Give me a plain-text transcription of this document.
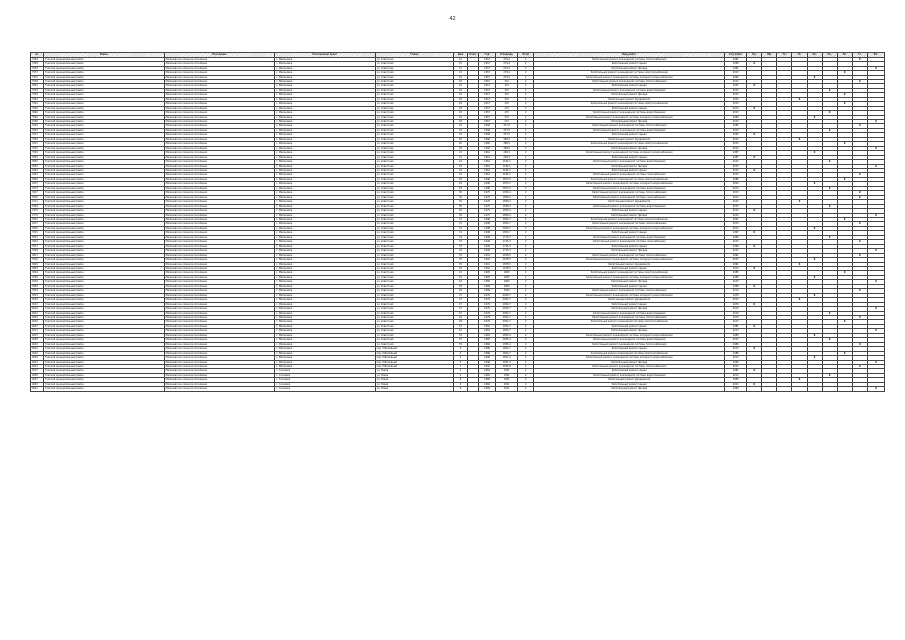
42
№	Район	Поселение	Населенный пункт	Улица	Дом	Корп.	Год	Площадь	Этаж	Вид работ	Год работ	Кр.	Лф.	Тп.	Гв.	Хв.	Кн.	Эл.	Гз.	Фс.
7564	Томский муниципальный район	Малиновское сельское поселение	с. Малиновка	ул. Советская	15		1957	279,2	2	Капитальный ремонт инженерной системы теплоснабжения	1961								X	
7564	Томский муниципальный район	Малиновское сельское поселение	с. Малиновка	ул. Советская	15		1957	279,2	2	Капитальный ремонт крыши	1958	X								
7554	Томский муниципальный район	Малиновское сельское поселение	с. Малиновка	ул. Советская	15		1957	279,2	2	Капитальный ремонт фасада	1961									X
7537	Томский муниципальный район	Малиновское сельское поселение	с. Малиновка	ул. Советская	15		1957	279,2	2	Капитальный ремонт инженерной системы электроснабжения	2013							X		
7524	Томский муниципальный район	Малиновское сельское поселение	с. Малиновка	ул. Советская	16		1957	279,2	2	Капитальный ремонт инженерной системы холодного водоснабжения	1962					X				
7528	Томский муниципальный район	Малиновское сельское поселение	с. Малиновка	ул. Советская	16		1957	312	2	Капитальный ремонт инженерной системы теплоснабжения	2013								X	
3642	Томский муниципальный район	Малиновское сельское поселение	с. Малиновка	ул. Советская	16		1957	312	2	Капитальный ремонт крыши	1957	X								
7533	Томский муниципальный район	Малиновское сельское поселение	с. Малиновка	ул. Советская	16		1957	312	2	Капитальный ремонт инженерной системы водоотведения	2013						X			
7540	Томский муниципальный район	Малиновское сельское поселение	с. Малиновка	ул. Советская	16		1957	312	2	Капитальный ремонт фасада	2013							X		
7542	Томский муниципальный район	Малиновское сельское поселение	с. Малиновка	ул. Советская	16		1957	312	2	Капитальный ремонт фундамента	1972				X					
7561	Томский муниципальный район	Малиновское сельское поселение	с. Малиновка	ул. Советская	18		1957	272	2	Капитальный ремонт инженерной системы электроснабжения	2013							X		
7562	Томский муниципальный район	Малиновское сельское поселение	с. Малиновка	ул. Советская	18		1957	272	2	Капитальный ремонт крыши	2013	X								
3646	Томский муниципальный район	Малиновское сельское поселение	с. Малиновка	ул. Советская	18		1957	272	2	Капитальный ремонт инженерной системы водоотведения	2013						X			
7564	Томский муниципальный район	Малиновское сельское поселение	с. Малиновка	ул. Советская	18		1957	272	2	Капитальный ремонт инженерной системы холодного водоснабжения	1984					X				
2560	Томский муниципальный район	Малиновское сельское поселение	с. Малиновка	ул. Советская	18		1957	272	2	Капитальный ремонт фасада	2013									X
7622	Томский муниципальный район	Малиновское сельское поселение	с. Малиновка	ул. Советская	19		1958	337,5	2	Капитальный ремонт инженерной системы теплоснабжения	1985								X	
7622	Томский муниципальный район	Малиновское сельское поселение	с. Малиновка	ул. Советская	19		1958	337,5	2	Капитальный ремонт инженерной системы водоотведения	2013						X			
7627	Томский муниципальный район	Малиновское сельское поселение	с. Малиновка	ул. Советская	19		1958	337,5	2	Капитальный ремонт крыши	1962	X								
7594	Томский муниципальный район	Малиновское сельское поселение	с. Малиновка	ул. Советская	20		1960	386,5	2	Капитальный ремонт фундамента	2013				X					
7621	Томский муниципальный район	Малиновское сельское поселение	с. Малиновка	ул. Советская	20		1960	386,5	2	Капитальный ремонт инженерной системы электроснабжения	2013							X		
7591	Томский муниципальный район	Малиновское сельское поселение	с. Малиновка	ул. Советская	20		1960	386,5	2	Капитальный ремонт фасада	2013									X
7503	Томский муниципальный район	Малиновское сельское поселение	с. Малиновка	ул. Советская	21		1961	296,3	2	Капитальный ремонт инженерной системы холодного водоснабжения	1987					X				
3603	Томский муниципальный район	Малиновское сельское поселение	с. Малиновка	ул. Советская	21		1961	296,3	2	Капитальный ремонт крыши	1987	X								
3667	Томский муниципальный район	Малиновское сельское поселение	с. Малиновка	ул. Советская	22		1961	1182,1	2	Капитальный ремонт инженерной системы водоотведения	2013						X			
3654	Томский муниципальный район	Малиновское сельское поселение	с. Малиновка	ул. Советская	22		1961	1182,1	2	Капитальный ремонт фасада	2013									X
2961	Томский муниципальный район	Малиновское сельское поселение	с. Малиновка	ул. Советская	24		1961	1182,1	2	Капитальный ремонт крыши	2013	X								
3961	Томский муниципальный район	Малиновское сельское поселение	с. Малиновка	ул. Советская	24		1961	1182,1	2	Капитальный ремонт инженерной системы газоснабжения	2013								X	
3692	Томский муниципальный район	Малиновское сельское поселение	с. Малиновка	ул. Советская	29		1996	1873,3	2	Капитальный ремонт инженерной системы электроснабжения	1986							X		
2972	Томский муниципальный район	Малиновское сельское поселение	с. Малиновка	ул. Советская	29		1996	1873,3	2	Капитальный ремонт инженерной системы холодного водоснабжения	2004					X				
3273	Томский муниципальный район	Малиновское сельское поселение	с. Малиновка	ул. Советская	29		1996	1873,3	2	Капитальный ремонт инженерной системы водоотведения	2013						X			
7617	Томский муниципальный район	Малиновское сельское поселение	с. Малиновка	ул. Советская	30		1975	1830,4	2	Капитальный ремонт инженерной системы теплоснабжения	2013								X	
3616	Томский муниципальный район	Малиновское сельское поселение	с. Малиновка	ул. Советская	30		1975	1830,4	2	Капитальный ремонт инженерной системы газоснабжения	2013								X	
2711	Томский муниципальный район	Малиновское сельское поселение	с. Малиновка	ул. Советская	30		1975	1830,4	2	Капитальный ремонт фундамента	2013				X					
3494	Томский муниципальный район	Малиновское сельское поселение	с. Малиновка	ул. Советская	30		1975	1830,4	2	Капитальный ремонт инженерной системы водоотведения	2013						X			
3479	Томский муниципальный район	Малиновское сельское поселение	с. Малиновка	ул. Советская	30		1975	1830,4	2	Капитальный ремонт крыши	2013	X								
2779	Томский муниципальный район	Малиновское сельское поселение	с. Малиновка	ул. Советская	30		1975	1830,4	2	Капитальный ремонт фасада	2013									X
3697	Томский муниципальный район	Малиновское сельское поселение	с. Малиновка	ул. Советская	31		1998	1834,7	2	Капитальный ремонт инженерной системы электроснабжения	1997							X		
2917	Томский муниципальный район	Малиновское сельское поселение	с. Малиновка	ул. Советская	31		1998	1834,7	2	Капитальный ремонт инженерной системы теплоснабжения	2013								X	
3925	Томский муниципальный район	Малиновское сельское поселение	с. Малиновка	ул. Советская	31		1998	1834,7	2	Капитальный ремонт инженерной системы холодного водоснабжения	2013					X				
7615	Томский муниципальный район	Малиновское сельское поселение	с. Малиновка	ул. Советская	31		1998	1834,7	2	Капитальный ремонт крыши	1997	X								
3623	Томский муниципальный район	Малиновское сельское поселение	с. Малиновка	ул. Советская	33		1990	1715,3	2	Капитальный ремонт инженерной системы водоотведения	1990						X			
3924	Томский муниципальный район	Малиновское сельское поселение	с. Малиновка	ул. Советская	33		1990	1715,3	2	Капитальный ремонт инженерной системы газоснабжения	2013								X	
7617	Томский муниципальный район	Малиновское сельское поселение	с. Малиновка	ул. Советская	33		1990	1715,3	2	Капитальный ремонт крыши	1990	X								
3609	Томский муниципальный район	Малиновское сельское поселение	с. Малиновка	ул. Советская	33		1990	1715,3	2	Капитальный ремонт фасада	2013									X
3611	Томский муниципальный район	Малиновское сельское поселение	с. Малиновка	ул. Советская	35		1991	1678,5	2	Капитальный ремонт инженерной системы теплоснабжения	1991								X	
7610	Томский муниципальный район	Малиновское сельское поселение	с. Малиновка	ул. Советская	35		1991	1678,5	2	Капитальный ремонт инженерной системы холодного водоснабжения	2013					X				
3604	Томский муниципальный район	Малиновское сельское поселение	с. Малиновка	ул. Советская	35		1991	1678,5	2	Капитальный ремонт фундамента	1991				X					
3653	Томский муниципальный район	Малиновское сельское поселение	с. Малиновка	ул. Советская	35		1991	1678,5	2	Капитальный ремонт крыши	2013	X								
3694	Томский муниципальный район	Малиновское сельское поселение	с. Малиновка	ул. Советская	41		1985	1605	2	Капитальный ремонт инженерной системы электроснабжения	1985							X		
2569	Томский муниципальный район	Малиновское сельское поселение	с. Малиновка	ул. Советская	43		1985	1605	2	Капитальный ремонт инженерной системы холодного водоснабжения	1985					X				
2593	Томский муниципальный район	Малиновское сельское поселение	с. Малиновка	ул. Советская	43		1985	1605	2	Капитальный ремонт фасада	2013									X
3950	Томский муниципальный район	Малиновское сельское поселение	с. Малиновка	ул. Советская	45		1989	1664	2	Капитальный ремонт крыши	1989	X								
3054	Томский муниципальный район	Малиновское сельское поселение	с. Малиновка	ул. Советская	45		1989	1664	2	Капитальный ремонт инженерной системы теплоснабжения	2013								X	
3014	Томский муниципальный район	Малиновское сельское поселение	с. Малиновка	ул. Советская	47		1976	2052,7	2	Капитальный ремонт инженерной системы холодного водоснабжения	1976					X				
3010	Томский муниципальный район	Малиновское сельское поселение	с. Малиновка	ул. Советская	47		1976	2052,7	2	Капитальный ремонт фундамента	2013				X					
3013	Томский муниципальный район	Малиновское сельское поселение	с. Малиновка	ул. Советская	47		1976	2052,7	2	Капитальный ремонт крыши	1976	X								
4016	Томский муниципальный район	Малиновское сельское поселение	с. Малиновка	ул. Советская	47		1976	2052,7	2	Капитальный ремонт фасада	2013									X
4013	Томский муниципальный район	Малиновское сельское поселение	с. Малиновка	ул. Советская	47		1976	2052,7	2	Капитальный ремонт инженерной системы водоотведения	2013						X			
4053	Томский муниципальный район	Малиновское сельское поселение	с. Малиновка	ул. Советская	49		1979	2052,7	2	Капитальный ремонт инженерной системы теплоснабжения	1979								X	
4016	Томский муниципальный район	Малиновское сельское поселение	с. Малиновка	ул. Советская	49		1979	2052,7	2	Капитальный ремонт инженерной системы электроснабжения	2013							X		
4047	Томский муниципальный район	Малиновское сельское поселение	с. Малиновка	ул. Советская	51		1981	1654,7	2	Капитальный ремонт крыши	1981	X								
4017	Томский муниципальный район	Малиновское сельское поселение	с. Малиновка	ул. Советская	51		1981	1654,7	2	Капитальный ремонт фасада	2013									X
4015	Томский муниципальный район	Малиновское сельское поселение	с. Малиновка	ул. Советская	53		1983	1835,4	2	Капитальный ремонт инженерной системы холодного водоснабжения	1983					X				
4058	Томский муниципальный район	Малиновское сельское поселение	с. Малиновка	ул. Советская	53		1983	1835,4	2	Капитальный ремонт инженерной системы водоотведения	2013						X			
4019	Томский муниципальный район	Малиновское сельское поселение	с. Малиновка	ул. Советская	55		1984	1835,4	2	Капитальный ремонт инженерной системы теплоснабжения	1984								X	
4016	Томский муниципальный район	Малиновское сельское поселение	с. Малиновка	пер. Юбилейный	3		1986	1604,7	2	Капитальный ремонт крыши	2013	X								
4020	Томский муниципальный район	Малиновское сельское поселение	с. Малиновка	пер. Юбилейный	3		1986	1604,7	2	Капитальный ремонт инженерной системы электроснабжения	1986							X		
4029	Томский муниципальный район	Малиновское сельское поселение	с. Малиновка	пер. Юбилейный	5		1990	1631,4	2	Капитальный ремонт инженерной системы холодного водоснабжения	2013					X				
4023	Томский муниципальный район	Малиновское сельское поселение	с. Малиновка	пер. Юбилейный	5		1990	1631,4	2	Капитальный ремонт фасада	1990									X
4021	Томский муниципальный район	Малиновское сельское поселение	с. Малиновка	пер. Юбилейный	7		1991	1635,8	2	Капитальный ремонт инженерной системы теплоснабжения	2013								X	
4037	Томский муниципальный район	Малиновское сельское поселение	с. Сосновка	ул. Новая	4		1981	1501	2	Капитальный ремонт крыши	1981	X								
4026	Томский муниципальный район	Малиновское сельское поселение	с. Сосновка	ул. Новая	4		1981	1501	2	Капитальный ремонт инженерной системы водоотведения	2013						X			
4027	Томский муниципальный район	Малиновское сельское поселение	с. Сосновка	ул. Новая	6		1984	1501	2	Капитальный ремонт фундамента	1984				X					
4025	Томский муниципальный район	Малиновское сельское поселение	с. Сосновка	ул. Новая	6		1984	1501	2	Капитальный ремонт крыши	2013	X								
4021	Томский муниципальный район	Малиновское сельское поселение	с. Сосновка	ул. Новая	6		1984	1501	2	Капитальный ремонт фасада	1984									X
